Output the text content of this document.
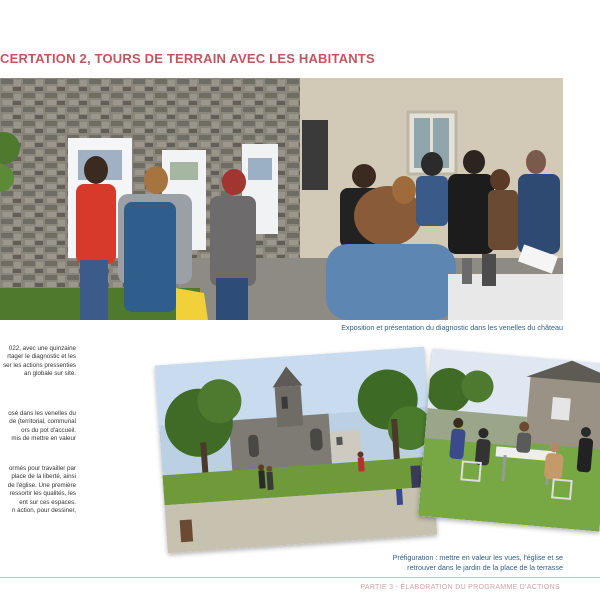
CERTATION 2, TOURS DE TERRAIN AVEC LES HABITANTS
Exposition et présentation du diagnostic dans les venelles du château

022, avec une quinzaine

rtager le diagnostic et les

ser les actions pressenties

an globale sur site.

osé dans les venelles du

de (territorial, communal

ors du pot d'accueil.

mis de mettre en valeur

ormés pour travailler par

place de la liberté, ainsi

de l'église. Une première

ressortir les qualités, les

ent sur ces espaces.

n action, pour dessiner,

Préfiguration : mettre en valeur les vues, l'église et se
retrouver dans le jardin de la place de la terrasse
PARTIE 3 - ÉLABORATION DU PROGRAMME D'ACTIONS
